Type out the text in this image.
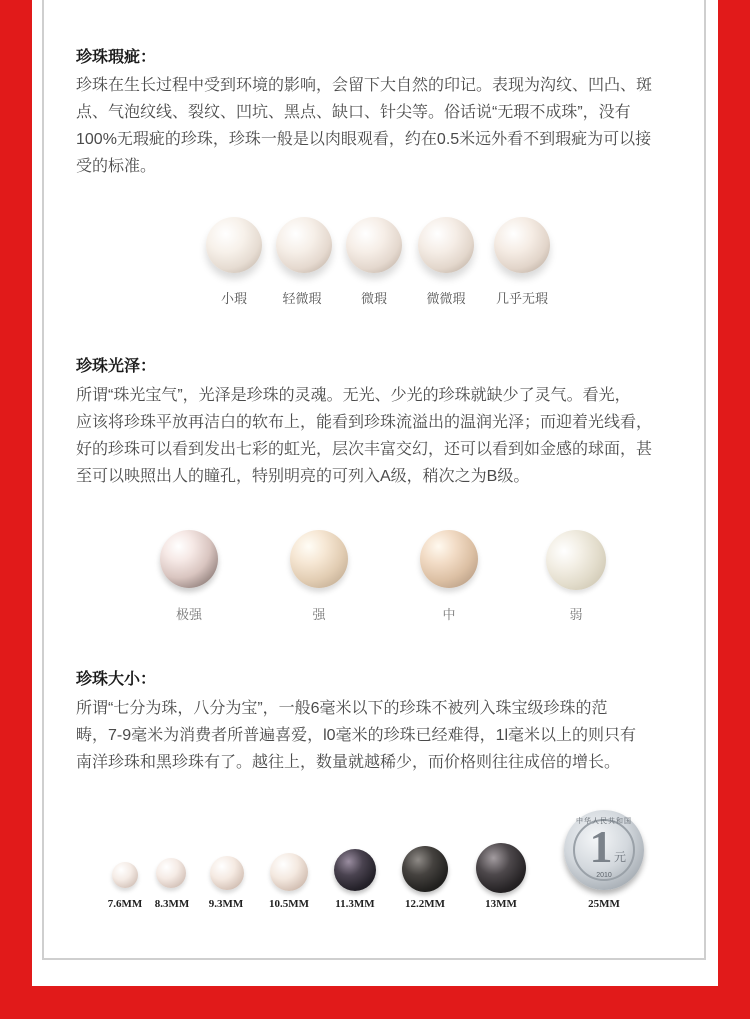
珍珠瑕疵：
珍珠在生长过程中受到环境的影响，会留下大自然的印记。表现为沟纹、凹凸、斑
点、气泡纹线、裂纹、凹坑、黑点、缺口、针尖等。俗话说“无瑕不成珠”，没有
100%无瑕疵的珍珠，珍珠一般是以肉眼观看，约在0.5米远外看不到瑕疵为可以接
受的标准。
小瑕	轻微瑕	微瑕	微微瑕	几乎无瑕
珍珠光泽：
所谓“珠光宝气”，光泽是珍珠的灵魂。无光、少光的珍珠就缺少了灵气。看光，
应该将珍珠平放再洁白的软布上，能看到珍珠流溢出的温润光泽；而迎着光线看，
好的珍珠可以看到发出七彩的虹光，层次丰富交幻，还可以看到如金感的球面，甚
至可以映照出人的瞳孔，特别明亮的可列入A级，稍次之为B级。
极强	强	中	弱
珍珠大小：
所谓“七分为珠，八分为宝”，一般6毫米以下的珍珠不被列入珠宝级珍珠的范
畴，7-9毫米为消费者所普遍喜爱，l0毫米的珍珠已经难得，1l毫米以上的则只有
南洋珍珠和黑珍珠有了。越往上，数量就越稀少，而价格则往往成倍的增长。
中华人民共和国
1 元
2010
7.6MM	8.3MM	9.3MM	10.5MM	11.3MM	12.2MM	13MM	25MM
